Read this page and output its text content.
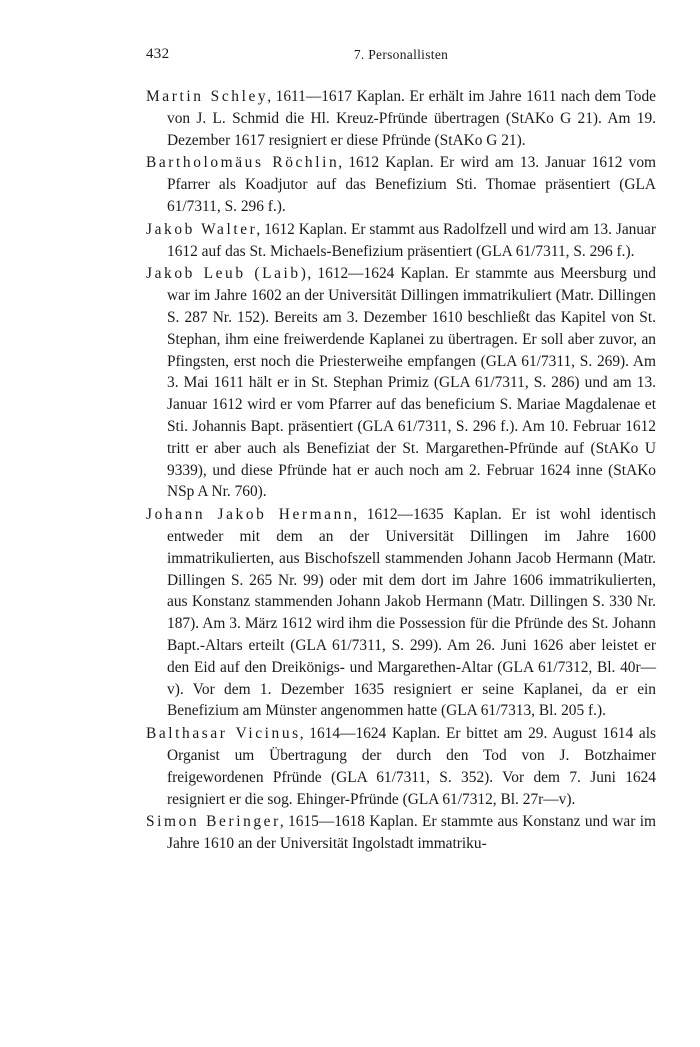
432	7. Personallisten

Martin Schley, 1611—1617 Kaplan. Er erhält im Jahre 1611 nach dem Tode von J. L. Schmid die Hl. Kreuz-Pfründe übertragen (StAKo G 21). Am 19. Dezember 1617 resigniert er diese Pfründe (StAKo G 21).

Bartholomäus Röchlin, 1612 Kaplan. Er wird am 13. Januar 1612 vom Pfarrer als Koadjutor auf das Benefizium Sti. Thomae präsentiert (GLA 61/7311, S. 296 f.).

Jakob Walter, 1612 Kaplan. Er stammt aus Radolfzell und wird am 13. Januar 1612 auf das St. Michaels-Benefizium präsentiert (GLA 61/7311, S. 296 f.).

Jakob Leub (Laib), 1612—1624 Kaplan. Er stammte aus Meersburg und war im Jahre 1602 an der Universität Dillingen immatrikuliert (Matr. Dillingen S. 287 Nr. 152). Bereits am 3. Dezember 1610 beschließt das Kapitel von St. Stephan, ihm eine freiwerdende Kaplanei zu übertragen. Er soll aber zuvor, an Pfingsten, erst noch die Priesterweihe empfangen (GLA 61/7311, S. 269). Am 3. Mai 1611 hält er in St. Stephan Primiz (GLA 61/7311, S. 286) und am 13. Januar 1612 wird er vom Pfarrer auf das beneficium S. Mariae Magdalenae et Sti. Johannis Bapt. präsentiert (GLA 61/7311, S. 296 f.). Am 10. Februar 1612 tritt er aber auch als Benefiziat der St. Margarethen-Pfründe auf (StAKo U 9339), und diese Pfründe hat er auch noch am 2. Februar 1624 inne (StAKo NSp A Nr. 760).

Johann Jakob Hermann, 1612—1635 Kaplan. Er ist wohl identisch entweder mit dem an der Universität Dillingen im Jahre 1600 immatrikulierten, aus Bischofszell stammenden Johann Jacob Hermann (Matr. Dillingen S. 265 Nr. 99) oder mit dem dort im Jahre 1606 immatrikulierten, aus Konstanz stammenden Johann Jakob Hermann (Matr. Dillingen S. 330 Nr. 187). Am 3. März 1612 wird ihm die Possession für die Pfründe des St. Johann Bapt.-Altars erteilt (GLA 61/7311, S. 299). Am 26. Juni 1626 aber leistet er den Eid auf den Dreikönigs- und Margarethen-Altar (GLA 61/7312, Bl. 40r—v). Vor dem 1. Dezember 1635 resigniert er seine Kaplanei, da er ein Benefizium am Münster angenommen hatte (GLA 61/7313, Bl. 205 f.).

Balthasar Vicinus, 1614—1624 Kaplan. Er bittet am 29. August 1614 als Organist um Übertragung der durch den Tod von J. Botzhaimer freigewordenen Pfründe (GLA 61/7311, S. 352). Vor dem 7. Juni 1624 resigniert er die sog. Ehinger-Pfründe (GLA 61/7312, Bl. 27r—v).

Simon Beringer, 1615—1618 Kaplan. Er stammte aus Konstanz und war im Jahre 1610 an der Universität Ingolstadt immatriku-
